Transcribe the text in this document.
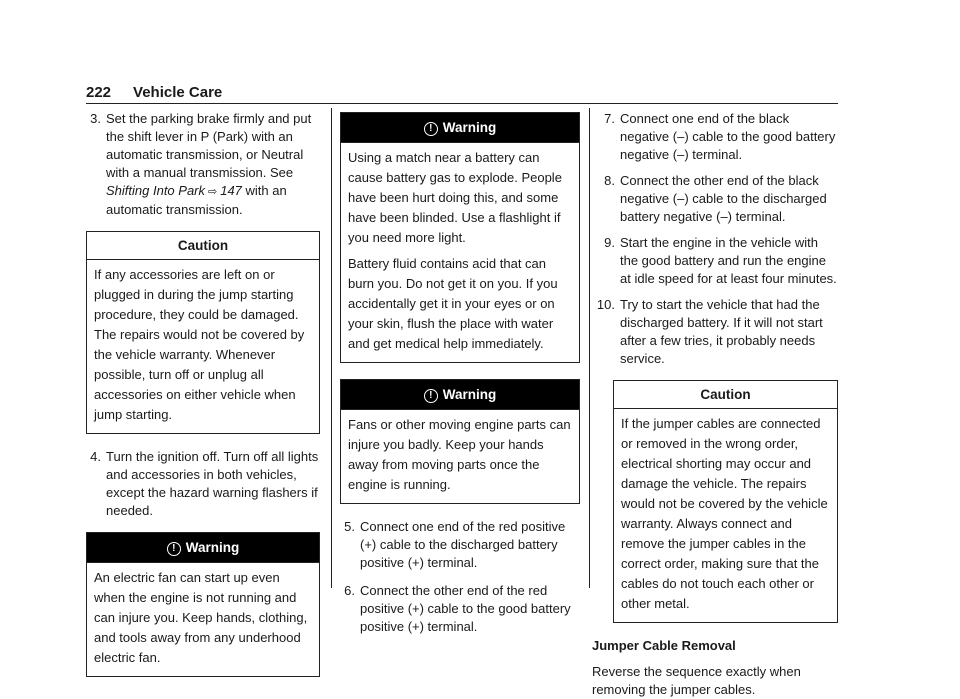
222 Vehicle Care
3. Set the parking brake firmly and put the shift lever in P (Park) with an automatic transmission, or Neutral with a manual transmission. See Shifting Into Park ⇨ 147 with an automatic transmission.
Caution
If any accessories are left on or plugged in during the jump starting procedure, they could be damaged. The repairs would not be covered by the vehicle warranty. Whenever possible, turn off or unplug all accessories on either vehicle when jump starting.
4. Turn the ignition off. Turn off all lights and accessories in both vehicles, except the hazard warning flashers if needed.
! Warning
An electric fan can start up even when the engine is not running and can injure you. Keep hands, clothing, and tools away from any underhood electric fan.
! Warning

Using a match near a battery can cause battery gas to explode. People have been hurt doing this, and some have been blinded. Use a flashlight if you need more light.

Battery fluid contains acid that can burn you. Do not get it on you. If you accidentally get it in your eyes or on your skin, flush the place with water and get medical help immediately.

! Warning
Fans or other moving engine parts can injure you badly. Keep your hands away from moving parts once the engine is running.
5. Connect one end of the red positive (+) cable to the discharged battery positive (+) terminal.
6. Connect the other end of the red positive (+) cable to the good battery positive (+) terminal.
7. Connect one end of the black negative (–) cable to the good battery negative (–) terminal.
8. Connect the other end of the black negative (–) cable to the discharged battery negative (–) terminal.
9. Start the engine in the vehicle with the good battery and run the engine at idle speed for at least four minutes.
10. Try to start the vehicle that had the discharged battery. If it will not start after a few tries, it probably needs service.
Caution
If the jumper cables are connected or removed in the wrong order, electrical shorting may occur and damage the vehicle. The repairs would not be covered by the vehicle warranty. Always connect and remove the jumper cables in the correct order, making sure that the cables do not touch each other or other metal.
Jumper Cable Removal

Reverse the sequence exactly when removing the jumper cables.
